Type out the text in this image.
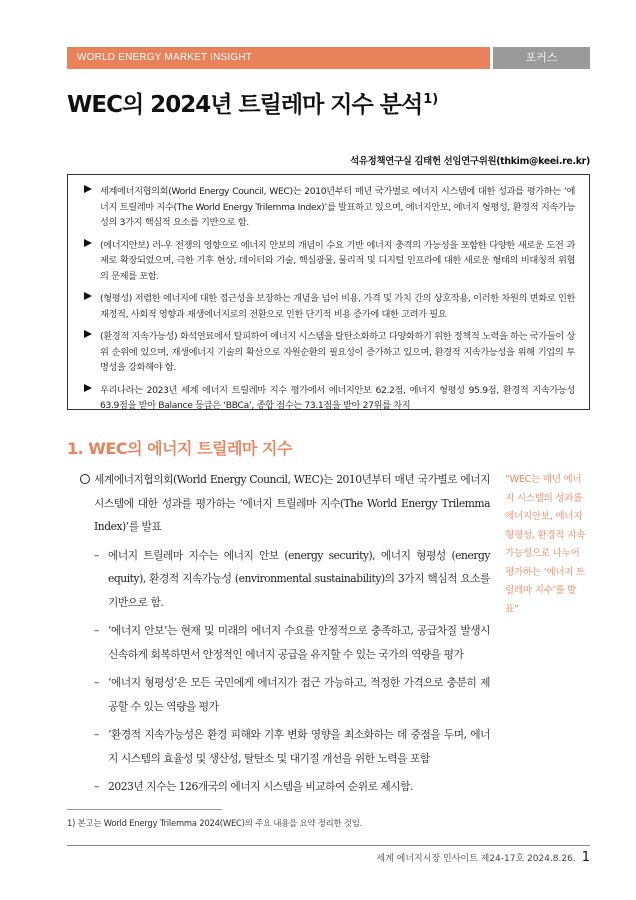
WORLD ENERGY MARKET INSIGHT	포커스
WEC의 2024년 트릴레마 지수 분석$^{1)}$
석유정책연구실 김태헌 선임연구위원(thkim@keei.re.kr)
세계에너지협의회(World Energy Council, WEC)는 2010년부터 매년 국가별로 에너지 시스템에 대한 성과를 평가하는 ‘에너지 트릴레마 지수(The World Energy Trilemma Index)’를 발표하고 있으며, 에너지안보, 에너지 형평성, 환경적 지속가능성의 3가지 핵심적 요소를 기반으로 함.
(에너지안보) 러-우 전쟁의 영향으로 에너지 안보의 개념이 수요 기반 에너지 충격의 가능성을 포함한 다양한 새로운 도전 과제로 확장되었으며, 극한 기후 현상, 데이터와 기술, 핵심광물, 물리적 및 디지털 인프라에 대한 새로운 형태의 비대칭적 위협의 문제를 포함.
(형평성) 저렴한 에너지에 대한 접근성을 보장하는 개념을 넘어 비용, 가격 및 가치 간의 상호작용, 이러한 차원의 변화로 인한 재정적, 사회적 영향과 재생에너지로의 전환으로 인한 단기적 비용 증가에 대한 고려가 필요
(환경적 지속가능성) 화석연료에서 탈피하여 에너지 시스템을 탈탄소화하고 다양화하기 위한 정책적 노력을 하는 국가들이 상위 순위에 있으며, 재생에너지 기술의 확산으로 자원순환의 필요성이 증가하고 있으며, 환경적 지속가능성을 위해 기업의 투명성을 강화해야 함.
우리나라는 2023년 세계 에너지 트릴레마 지수 평가에서 에너지안보 62.2점, 에너지 형평성 95.9점, 환경적 지속가능성 63.9점을 받아 Balance 등급은 ‘BBCa’, 종합 점수는 73.1점을 받아 27위를 차지
1. WEC의 에너지 트릴레마 지수
세계에너지협의회(World Energy Council, WEC)는 2010년부터 매년 국가별로 에너지 시스템에 대한 성과를 평가하는 ‘에너지 트릴레마 지수(The World Energy Trilemma Index)’를 발표
– 에너지 트릴레마 지수는 에너지 안보 (energy security), 에너지 형평성 (energy equity), 환경적 지속가능성 (environmental sustainability)의 3가지 핵심적 요소를 기반으로 함.
– ‘에너지 안보’는 현재 및 미래의 에너지 수요를 안정적으로 충족하고, 공급차질 발생시 신속하게 회복하면서 안정적인 에너지 공급을 유지할 수 있는 국가의 역량을 평가
– ‘에너지 형평성’은 모든 국민에게 에너지가 접근 가능하고, 적정한 가격으로 충분히 제공할 수 있는 역량을 평가
– ‘환경적 지속가능성은 환경 피해와 기후 변화 영향을 최소화하는 데 중점을 두며, 에너지 시스템의 효율성 및 생산성, 탈탄소 및 대기질 개선을 위한 노력을 포함
– 2023년 지수는 126개국의 에너지 시스템을 비교하여 순위로 제시함.
“WEC는 매년 에너지 시스템의 성과를 에너지안보, 에너지형평성, 환경적 지속가능성으로 나누어 평가하는 ‘에너지 트릴레마 지수’를 발표”
1) 본고는 World Energy Trilemma 2024(WEC)의 주요 내용을 요약 정리한 것임.
세계 에너지시장 인사이트 제24-17호 2024.8.26. 1
